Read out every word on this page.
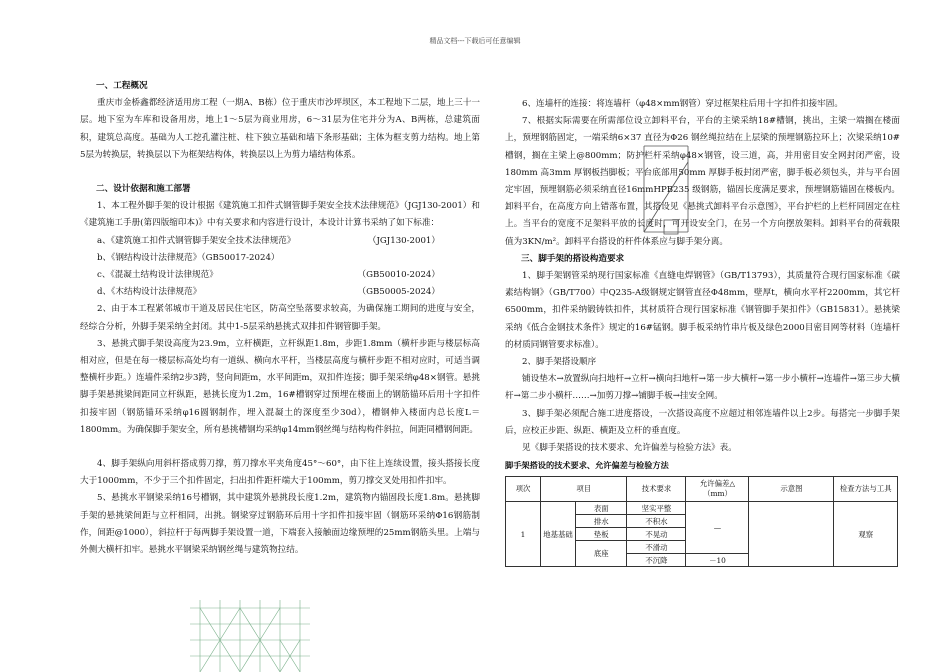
精品文档---下载后可任意编辑
一、工程概况

重庆市金桥鑫都经济适用房工程（一期A、B栋）位于重庆市沙坪坝区，本工程地下二层，地上三十一层。地下室为车库和设备用房，地上1～5层为商业用房，6～31层为住宅并分为A、B两栋，总建筑面积，建筑总高度。基础为人工挖孔灌注桩、柱下独立基础和墙下条形基础；主体为框支剪力结构。地上第5层为转换层，转换层以下为框架结构体，转换层以上为剪力墙结构体系。

二、设计依据和施工部署

1、本工程外脚手架的设计根据《建筑施工扣件式钢管脚手架安全技术法律规范》（JGJ130-2001）和《建筑施工手册(第四版缩印本)》中有关要求和内容进行设计，本设计计算书采纳了如下标准：

a、《建筑施工扣件式钢管脚手架安全技术法律规范》	（JGJ130-2001）
b、《钢结构设计法律规范》（GB50017-2024）
c、《混凝土结构设计法律规范》	（GB50010-2024）
d、《木结构设计法律规范》	（GB50005-2024）

2、由于本工程紧邻城市干道及居民住宅区，防高空坠落要求较高，为确保施工期间的进度与安全，经综合分析，外脚手架采纳全封闭。其中1-5层采纳悬挑式双排扣件钢管脚手架。

3、悬挑式脚手架设高度为23.9m，立杆横距，立杆纵距1.8m，步距1.8mm（横杆步距与楼层标高相对应，但是在每一楼层标高处均有一道纵、横向水平杆，当楼层高度与横杆步距不相对应时，可适当调整横杆步距。）连墙件采纳2步3跨，竖向间距m，水平间距m，双扣件连接；脚手架采纳φ48×钢管。悬挑脚手架悬挑梁间距同立杆纵距，悬挑长度为1.2m，16#槽钢穿过预埋在楼面上的钢筋锚环后用十字扣件扣接牢固（钢筋锚环采纳φ16圆钢制作，埋入混凝土的深度至少30d），槽钢伸入楼面内总长度L＝1800mm。为确保脚手架安全，所有悬挑槽钢均采纳φ14mm钢丝绳与结构构件斜拉，间距同槽钢间距。

4、脚手架纵向用斜杆搭成剪刀撑，剪刀撑水平夹角度45°～60°，由下往上连续设置，接头搭接长度大于1000mm，不少于三个扣件固定，扫出扣件距杆端大于100mm，剪刀撑交叉处用扣件扣牢。

5、悬挑水平钢梁采纳16号槽钢，其中建筑外悬挑段长度1.2m，建筑物内锚固段长度1.8m。悬挑脚手架的悬挑梁间距与立杆相同，出挑。钢梁穿过钢筋环后用十字扣件扣接牢固（钢筋环采纳Φ16钢筋制作，间距@1000），斜拉杆于每两脚手架设置一道，下端套入接触面边缘预埋的25mm钢筋头里。上端与外侧大横杆扣牢。悬挑水平钢梁采纳钢丝绳与建筑物拉结。

6、连墙杆的连接：将连墙杆（φ48×mm钢管）穿过框架柱后用十字扣件扣接牢固。

7、根据实际需要在所需部位设立卸料平台，平台的主梁采纳18#槽钢，挑出，主梁一端搁在楼面上，预埋钢筋固定，一端采纳6×37 直径为Φ26 钢丝绳拉结在上层梁的预埋钢筋拉环上；次梁采纳10#槽钢，搁在主梁上@800mm；防护栏杆采纳φ48×钢管，设三道，高，并用密目安全网封闭严密，设180mm 高3mm 厚钢板挡脚板；平台底部用50mm 厚脚手板封闭严密，脚手板必须包头，并与平台固定牢固，预埋钢筋必须采纳直径16mmHPB235 级钢筋，锚固长度满足要求，预埋钢筋锚固在楼板内。卸料平台，在高度方向上错落布置，其搭设见《悬挑式卸料平台示意图》，平台护栏的上栏杆同固定在柱上。当平台的宽度不足架料平放的长度时，可开设安全门，在另一个方向摆放架料。卸料平台的荷载限值为3KN/m²。卸料平台搭设的杆件体系应与脚手架分离。

三、脚手架的搭设构造要求

1、脚手架钢管采纳现行国家标准《直缝电焊钢管》（GB/T13793），其质量符合现行国家标准《碳素结构钢》（GB/T700）中Q235-A级钢规定钢管直径Φ48mm，壁厚t，横向水平杆2200mm，其它杆6500mm，扣件采纳锻铸铁扣件，其材质符合现行国家标准《钢管脚手架扣件》（GB15831）。悬挑梁采纳《低合金钢技术条件》规定的16#锰钢。脚手板采纳竹串片板及绿色2000目密目网等材料（连墙杆的材质同钢管要求标准）。

2、脚手架搭设顺序

铺设垫木→放置纵向扫地杆→立杆→横向扫地杆→第一步大横杆→第一步小横杆→连墙件→第三步大横杆→第二步小横杆……→加剪刀撑→铺脚手板→挂安全网。

3、脚手架必须配合施工进度搭设，一次搭设高度不应超过相邻连墙件以上2步。每搭完一步脚手架后，应校正步距、纵距、横距及立杆的垂直度。

见《脚手架搭设的技术要求、允许偏差与检验方法》表。

脚手架搭设的技术要求、允许偏差与检验方法
项次	项目		技术要求	允许偏差△（mm）	示意图	检查方法与工具
1	地基基础	表面	坚实平整	—		观察
		排水	不积水			
		垫板	不晃动			
		底座	不滑动			
			不沉降	－10		
